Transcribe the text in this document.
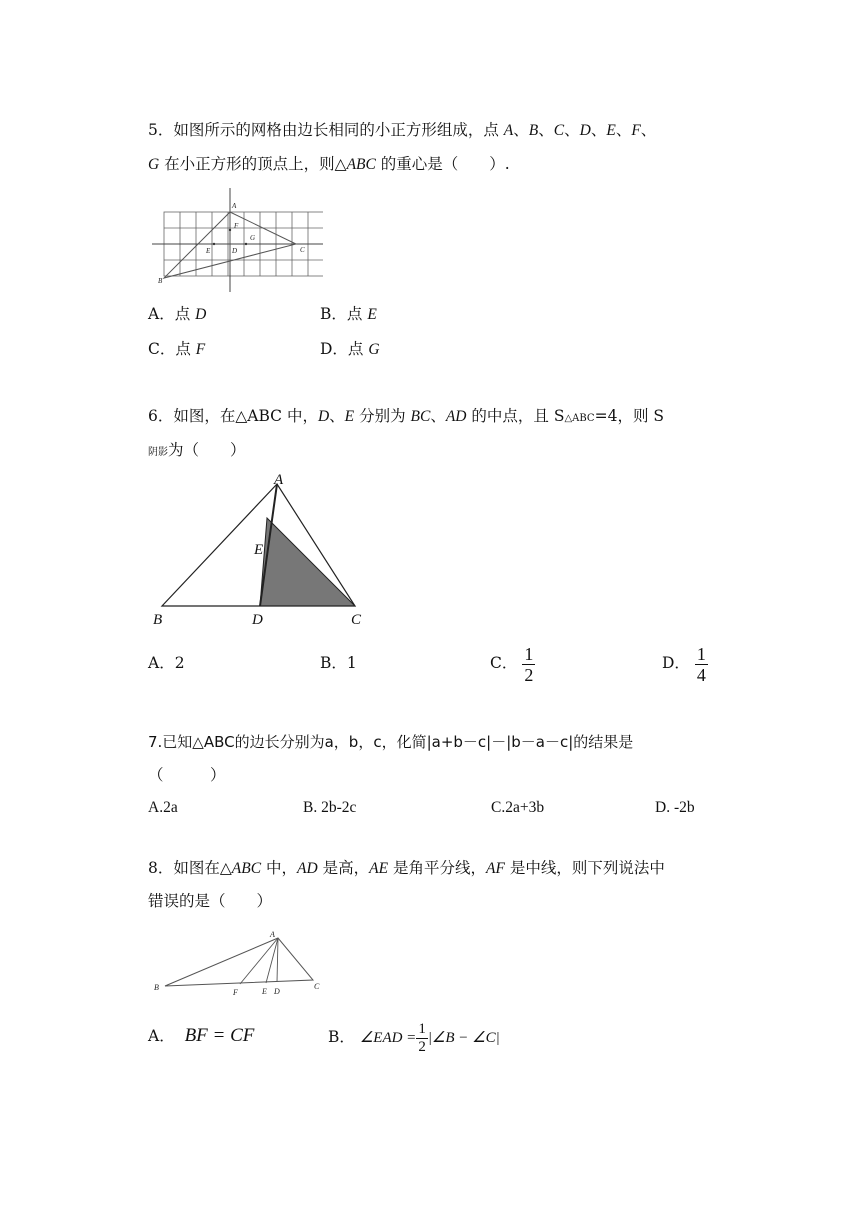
5．如图所示的网格由边长相同的小正方形组成，点 A、B、C、D、E、F、
G 在小正方形的顶点上，则△ABC 的重心是（　　）.
A
B
C
D
E
F
G
A．点 D	B．点 E
C．点 F	D．点 G
6．如图，在△ABC 中，D、E 分别为 BC、AD 的中点，且 S△ABC=4，则 S
阴影为（　　）
A
B	C
D
E
A．2	B．1	C． $\frac{1}{2}$	D． $\frac{1}{4}$
7.已知△ABC的边长分别为a，b，c，化简|a+b－c|－|b－a－c|的结果是
（　　　）
A.2a	B. 2b-2c	C.2a+3b	D. -2b
8．如图在△ABC 中，AD 是高，AE 是角平分线，AF 是中线，则下列说法中
错误的是（　　）
A
B	C
D
E
F
A． BF = CF	B． ∠EAD = $\frac{1}{2}$ |∠B − ∠C|
